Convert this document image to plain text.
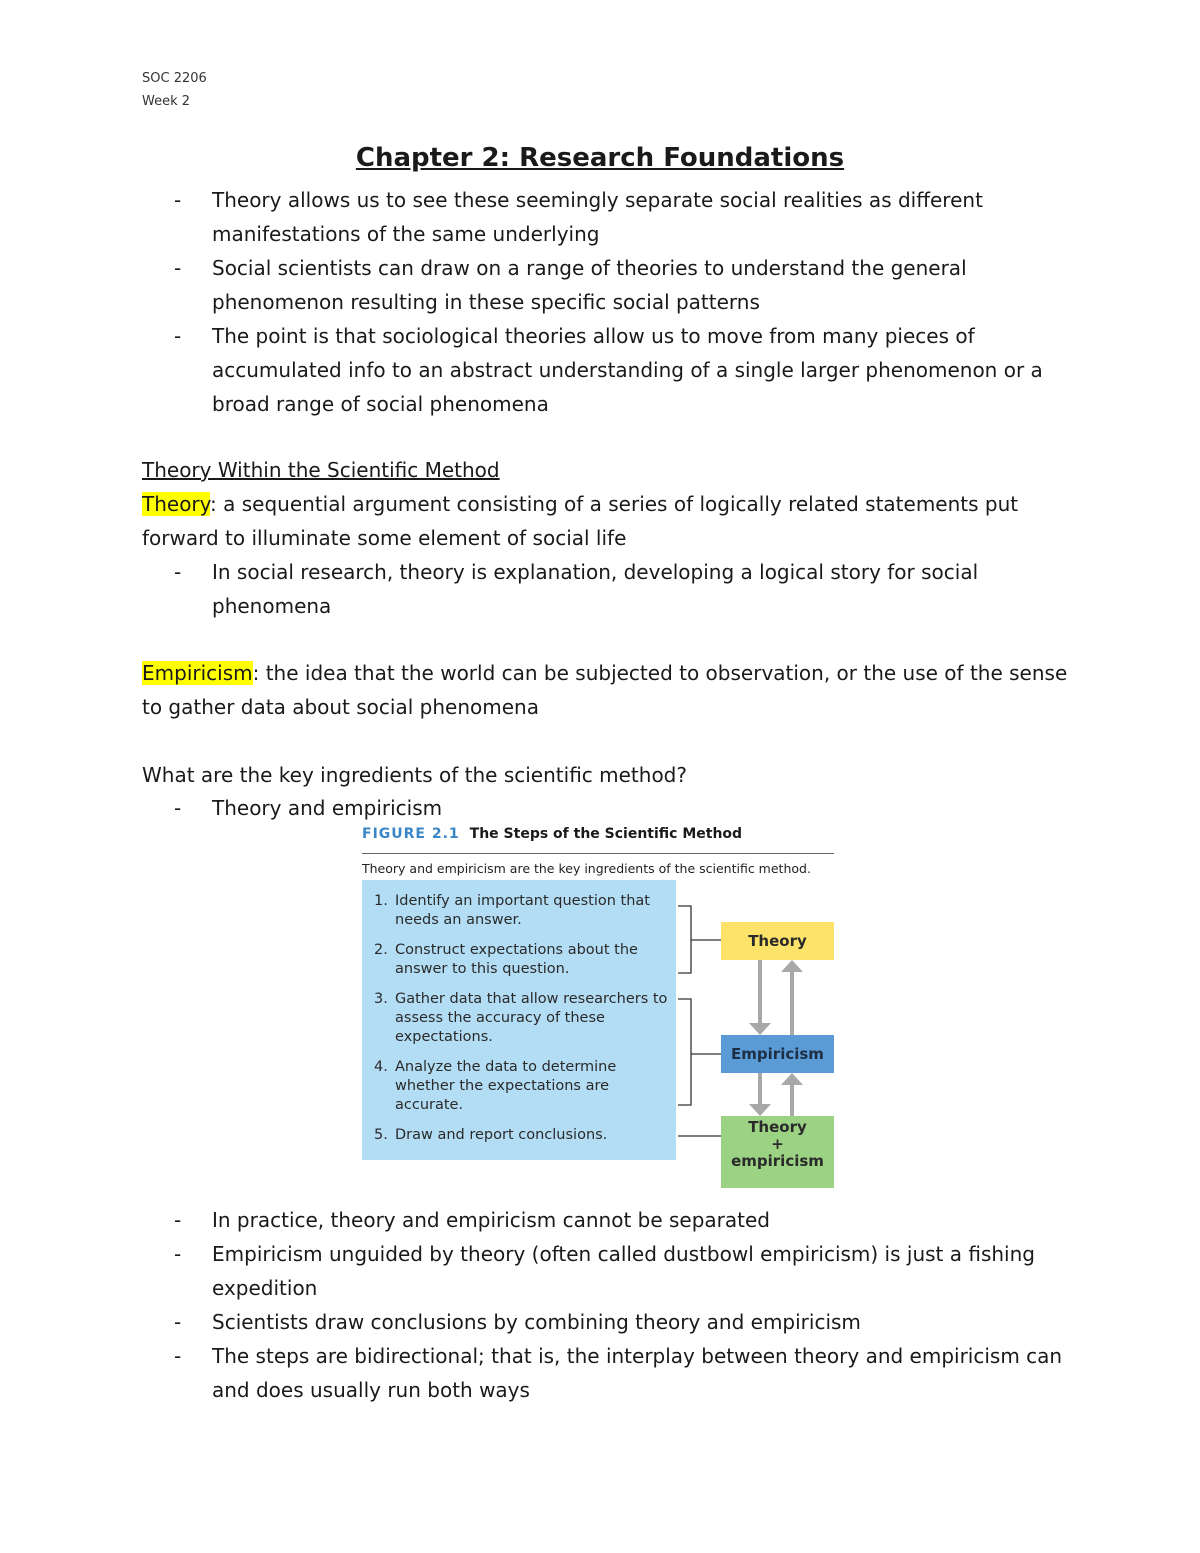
SOC 2206
Week 2
Chapter 2: Research Foundations
- Theory allows us to see these seemingly separate social realities as different manifestations of the same underlying
- Social scientists can draw on a range of theories to understand the general phenomenon resulting in these specific social patterns
- The point is that sociological theories allow us to move from many pieces of accumulated info to an abstract understanding of a single larger phenomenon or a broad range of social phenomena
Theory Within the Scientific Method

Theory: a sequential argument consisting of a series of logically related statements put forward to illuminate some element of social life

- In social research, theory is explanation, developing a logical story for social phenomena

Empiricism: the idea that the world can be subjected to observation, or the use of the sense to gather data about social phenomena

What are the key ingredients of the scientific method?

- Theory and empiricism
FIGURE 2.1 The Steps of the Scientific Method
Theory and empiricism are the key ingredients of the scientific method.
1. Identify an important question that needs an answer.
2. Construct expectations about the answer to this question.
3. Gather data that allow researchers to assess the accuracy of these expectations.
4. Analyze the data to determine whether the expectations are accurate.
5. Draw and report conclusions.
Theory
Empiricism
Theory
+
empiricism
- In practice, theory and empiricism cannot be separated
- Empiricism unguided by theory (often called dustbowl empiricism) is just a fishing expedition
- Scientists draw conclusions by combining theory and empiricism
- The steps are bidirectional; that is, the interplay between theory and empiricism can and does usually run both ways
